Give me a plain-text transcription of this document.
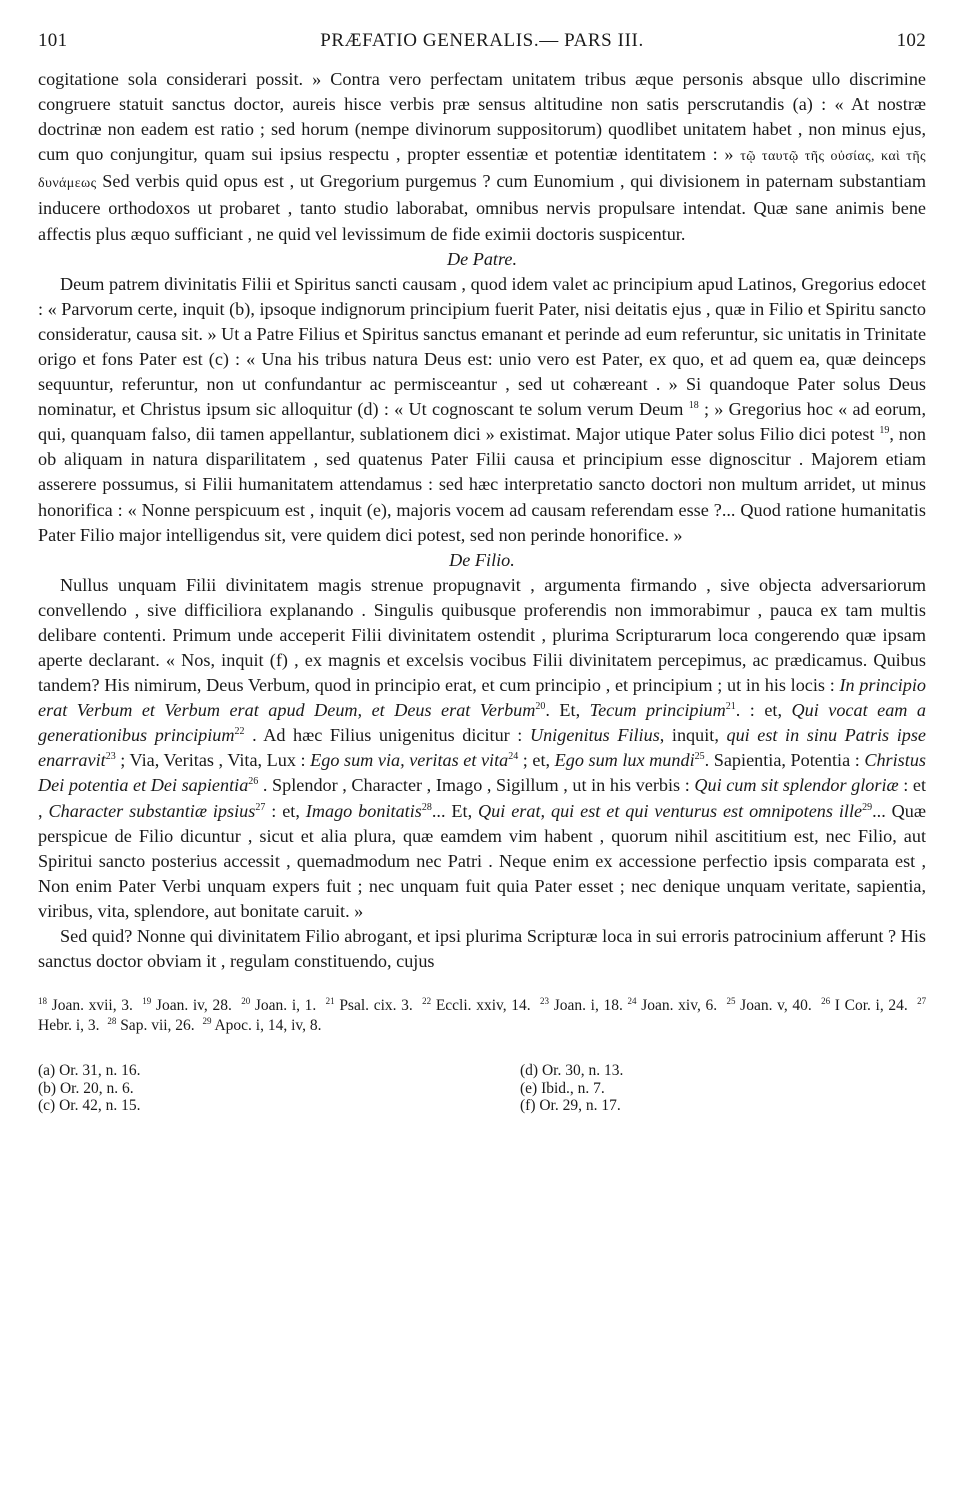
101	PRÆFATIO GENERALIS.— PARS III.	102

cogitatione sola considerari possit. » Contra vero perfectam unitatem tribus æque personis absque ullo discrimine congruere statuit sanctus doctor, aureis hisce verbis præ sensus altitudine non satis perscrutandis (a) : « At nostræ doctrinæ non eadem est ratio ; sed horum (nempe divinorum suppositorum) quodlibet unitatem habet , non minus ejus, cum quo conjungitur, quam sui ipsius respectu , propter essentiæ et potentiæ identitatem : » τῷ ταυτῷ τῆς οὐσίας, καὶ τῆς δυνάμεως Sed verbis quid opus est , ut Gregorium purgemus ? cum Eunomium , qui divisionem in paternam substantiam inducere orthodoxos ut probaret , tanto studio laborabat, omnibus nervis propulsare intendat. Quæ sane animis bene affectis plus æquo sufficiant , ne quid vel levissimum de fide eximii doctoris suspicentur.

De Patre.

Deum patrem divinitatis Filii et Spiritus sancti causam , quod idem valet ac principium apud Latinos, Gregorius edocet : « Parvorum certe, inquit (b), ipsoque indignorum principium fuerit Pater, nisi deitatis ejus , quæ in Filio et Spiritu sancto consideratur, causa sit. » Ut a Patre Filius et Spiritus sanctus emanant et perinde ad eum referuntur, sic unitatis in Trinitate origo et fons Pater est (c) : « Una his tribus natura Deus est: unio vero est Pater, ex quo, et ad quem ea, quæ deinceps sequuntur, referuntur, non ut confundantur ac permisceantur , sed ut cohæreant . » Si quandoque Pater solus Deus nominatur, et Christus ipsum sic alloquitur (d) : « Ut cognoscant te solum verum Deum $^{18}$ ; » Gregorius hoc « ad eorum, qui, quanquam falso, dii tamen appellantur, sublationem dici » existimat. Major utique Pater solus Filio dici potest $^{19}$, non ob aliquam in natura disparilitatem , sed quatenus Pater Filii causa et principium esse dignoscitur . Majorem etiam asserere possumus, si Filii humanitatem attendamus : sed hæc interpretatio sancto doctori non multum arridet, ut minus honorifica : « Nonne perspicuum est , inquit (e), majoris vocem ad causam referendam esse ?... Quod ratione humanitatis Pater Filio major intelligendus sit, vere quidem dici potest, sed non perinde honorifice. »

De Filio.

Nullus unquam Filii divinitatem magis strenue propugnavit , argumenta firmando , sive objecta adversariorum convellendo , sive difficiliora explanando . Singulis quibusque proferendis non immorabimur , pauca ex tam multis delibare contenti. Primum unde acceperit Filii divinitatem ostendit , plurima Scripturarum loca congerendo quæ ipsam aperte declarant. « Nos, inquit (f) , ex magnis et excelsis vocibus Filii divinitatem percepimus, ac prædicamus. Quibus tandem? His nimirum, Deus Verbum, quod in principio erat, et cum principio , et principium ; ut in his locis : In principio erat Verbum et Verbum erat apud Deum, et Deus erat Verbum$^{20}$. Et, Tecum principium$^{21}$. : et, Qui vocat eam a generationibus principium$^{22}$ . Ad hæc Filius unigenitus dicitur : Unigenitus Filius, inquit, qui est in sinu Patris ipse enarravit$^{23}$ ; Via, Veritas , Vita, Lux : Ego sum via, veritas et vita$^{24}$ ; et, Ego sum lux mundi$^{25}$. Sapientia, Potentia : Christus Dei potentia et Dei sapientia$^{26}$ . Splendor , Character , Imago , Sigillum , ut in his verbis : Qui cum sit splendor gloriæ : et , Character substantiæ ipsius$^{27}$ : et, Imago bonitatis$^{28}$... Et, Qui erat, qui est et qui venturus est omnipotens ille$^{29}$... Quæ perspicue de Filio dicuntur , sicut et alia plura, quæ eamdem vim habent , quorum nihil ascititium est, nec Filio, aut Spiritui sancto posterius accessit , quemadmodum nec Patri . Neque enim ex accessione perfectio ipsis comparata est , Non enim Pater Verbi unquam expers fuit ; nec unquam fuit quia Pater esset ; nec denique unquam veritate, sapientia, viribus, vita, splendore, aut bonitate caruit. »

Sed quid? Nonne qui divinitatem Filio abrogant, et ipsi plurima Scripturæ loca in sui erroris patrocinium afferunt ? His sanctus doctor obviam it , regulam constituendo, cujus

$^{18}$ Joan. xvii, 3. $^{19}$ Joan. iv, 28. $^{20}$ Joan. i, 1. $^{21}$ Psal. cix. 3. $^{22}$ Eccli. xxiv, 14. $^{23}$ Joan. i, 18. $^{24}$ Joan. xiv, 6. $^{25}$ Joan. v, 40. $^{26}$ I Cor. i, 24. $^{27}$ Hebr. i, 3. $^{28}$ Sap. vii, 26. $^{29}$ Apoc. i, 14, iv, 8.
(a) Or. 31, n. 16.
(b) Or. 20, n. 6.
(c) Or. 42, n. 15.
(d) Or. 30, n. 13.
(e) Ibid., n. 7.
(f) Or. 29, n. 17.
